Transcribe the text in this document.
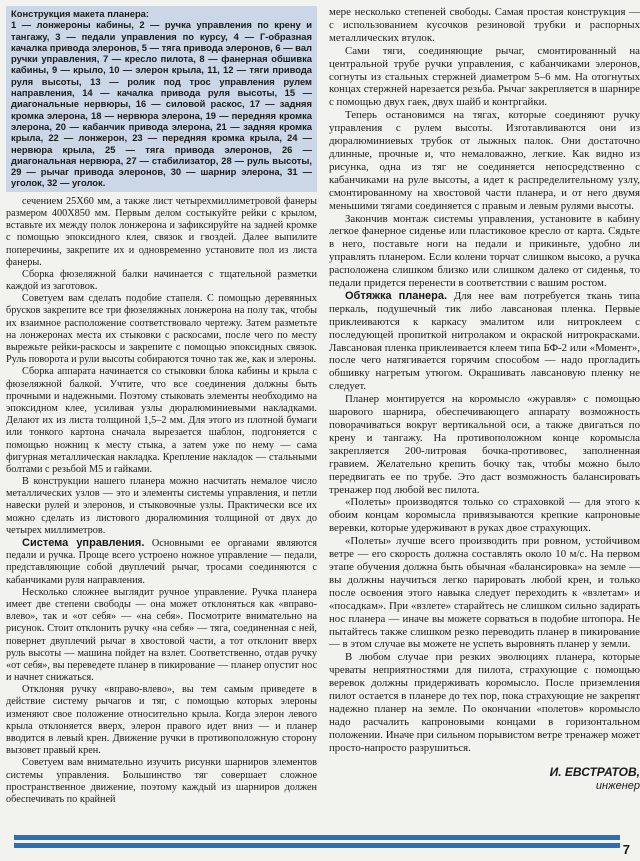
Конструкция макета планера:
1 — лонжероны кабины, 2 — ручка управления по крену и тангажу, 3 — педали управления по курсу, 4 — Г-образная качалка привода элеронов, 5 — тяга привода элеронов, 6 — вал ручки управления, 7 — кресло пилота, 8 — фанерная обшивка кабины, 9 — крыло, 10 — элерон крыла, 11, 12 — тяги привода руля высоты, 13 — ролик под трос управления рулем направления, 14 — качалка привода руля высоты, 15 — диагональные нервюры, 16 — силовой раскос, 17 — задняя кромка элерона, 18 — нервюра элерона, 19 — передняя кромка элерона, 20 — кабанчик привода элерона, 21 — задняя кромка крыла, 22 — лонжерон, 23 — передняя кромка крыла, 24 — нервюра крыла, 25 — тяга привода элеронов, 26 — диагональная нервюра, 27 — стабилизатор, 28 — руль высоты, 29 — рычаг привода элеронов, 30 — шарнир элерона, 31 — уголок, 32 — уголок.

сечением 25X60 мм, а также лист четырехмиллиметровой фанеры размером 400X850 мм. Первым делом состыкуйте рейки с крылом, вставьте их между полок лонжерона и зафиксируйте на задней кромке с помощью эпоксидного клея, связок и гвоздей. Далее выпилите поперечины, закрепите их и одновременно установите пол из листа фанеры.

Сборка фюзеляжной балки начинается с тщательной разметки каждой из заготовок.

Советуем вам сделать подобие стапеля. С помощью деревянных брусков закрепите все три фюзеляжных лонжерона на полу так, чтобы их взаимное расположение соответствовало чертежу. Затем разметьте на лонжеронах места их стыковки с раскосами, после чего по месту вырежьте рейки-раскосы и закрепите с помощью эпоксидных связок. Руль поворота и рули высоты собираются точно так же, как и элероны.

Сборка аппарата начинается со стыковки блока кабины и крыла с фюзеляжной балкой. Учтите, что все соединения должны быть прочными и надежными. Поэтому стыковать элементы необходимо на эпоксидном клее, усиливая узлы дюралюминиевыми накладками. Делают их из листа толщиной 1,5–2 мм. Для этого из плотной бумаги или тонкого картона сначала вырезается шаблон, подгоняется с помощью ножниц к месту стыка, а затем уже по нему — сама фигурная металлическая накладка. Крепление накладок — стальными болтами с резьбой М5 и гайками.

В конструкции нашего планера можно насчитать немалое число металлических узлов — это и элементы системы управления, и петли навески рулей и элеронов, и стыковочные узлы. Практически все их можно сделать из листового дюралюминия толщиной от двух до четырех миллиметров.

Система управления. Основными ее органами являются педали и ручка. Проще всего устроено ножное управление — педали, представляющие собой двуплечий рычаг, тросами соединяются с кабанчиками руля направления.

Несколько сложнее выглядит ручное управление. Ручка планера имеет две степени свободы — она может отклоняться как «вправо-влево», так и «от себя» — «на себя». Посмотрите внимательно на рисунок. Стоит отклонить ручку «на себя» — тяга, соединенная с ней, повернет двуплечий рычаг в хвостовой части, а тот отклонит вверх руль высоты — машина пойдет на взлет. Соответственно, отдав ручку «от себя», вы переведете планер в пикирование — планер опустит нос и начнет снижаться.

Отклоняя ручку «вправо-влево», вы тем самым приведете в действие систему рычагов и тяг, с помощью которых элероны изменяют свое положение относительно крыла. Когда элерон левого крыла отклоняется вверх, элерон правого идет вниз — и планер вводится в левый крен. Движение ручки в противоположную сторону вызовет правый крен.

Советуем вам внимательно изучить рисунки шарниров элементов системы управления. Большинство тяг совершает сложное пространственное движение, поэтому каждый из шарниров должен обеспечивать по крайней

мере несколько степеней свободы. Самая простая конструкция — с использованием кусочков резиновой трубки и распорных металлических втулок.

Сами тяги, соединяющие рычаг, смонтированный на центральной трубе ручки управления, с кабанчиками элеронов, согнуты из стальных стержней диаметром 5–6 мм. На отогнутых концах стержней нарезается резьба. Рычаг закрепляется в шарнире с помощью двух гаек, двух шайб и контргайки.

Теперь остановимся на тягах, которые соединяют ручку управления с рулем высоты. Изготавливаются они из дюралюминиевых трубок от лыжных палок. Они достаточно длинные, прочные и, что немаловажно, легкие. Как видно из рисунка, одна из тяг не соединяется непосредственно с кабанчиками на руле высоты, а идет к распределительному узлу, смонтированному на хвостовой части планера, и от него двумя меньшими тягами соединяется с правым и левым рулями высоты.

Закончив монтаж системы управления, установите в кабину легкое фанерное сиденье или пластиковое кресло от карта. Сядьте в него, поставьте ноги на педали и прикиньте, удобно ли управлять планером. Если колени торчат слишком высоко, а ручка расположена слишком близко или слишком далеко от сиденья, то педали придется перенести в соответствии с вашим ростом.

Обтяжка планера. Для нее вам потребуется ткань типа перкаль, подушечный тик либо лавсановая пленка. Первые приклеиваются к каркасу эмалитом или нитроклеем с последующей пропиткой нитролаком и окраской нитрокрасками. Лавсановая пленка приклеивается клеем типа БФ-2 или «Момент», после чего натягивается горячим способом — надо прогладить обшивку нагретым утюгом. Окрашивать лавсановую пленку не следует.

Планер монтируется на коромысло «журавля» с помощью шарового шарнира, обеспечивающего аппарату возможность поворачиваться вокруг вертикальной оси, а также двигаться по крену и тангажу. На противоположном конце коромысла закрепляется 200-литровая бочка-противовес, заполненная гравием. Желательно крепить бочку так, чтобы можно было передвигать ее по трубе. Это даст возможность балансировать тренажер под любой вес пилота.

«Полеты» производятся только со страховкой — для этого к обоим концам коромысла привязываются крепкие капроновые веревки, которые удерживают в руках двое страхующих.

«Полеты» лучше всего производить при ровном, устойчивом ветре — его скорость должна составлять около 10 м/с. На первом этапе обучения должна быть обычная «балансировка» на земле — вы должны научиться легко парировать любой крен, и только после освоения этого навыка следует переходить к «взлетам» и «посадкам». При «взлете» старайтесь не слишком сильно задирать нос планера — иначе вы можете сорваться в подобие штопора. Не пытайтесь также слишком резко переводить планер в пикирование — в этом случае вы можете не успеть выровнять планер у земли.

В любом случае при резких эволюциях планера, которые чреваты неприятностями для пилота, страхующие с помощью веревок должны придерживать коромысло. После приземления пилот остается в планере до тех пор, пока страхующие не закрепят надежно планер на земле. По окончании «полетов» коромысло надо расчалить капроновыми концами в горизонтальном положении. Иначе при сильном порывистом ветре тренажер может просто-напросто разрушиться.

И. ЕВСТРАТОВ,
инженер
7
